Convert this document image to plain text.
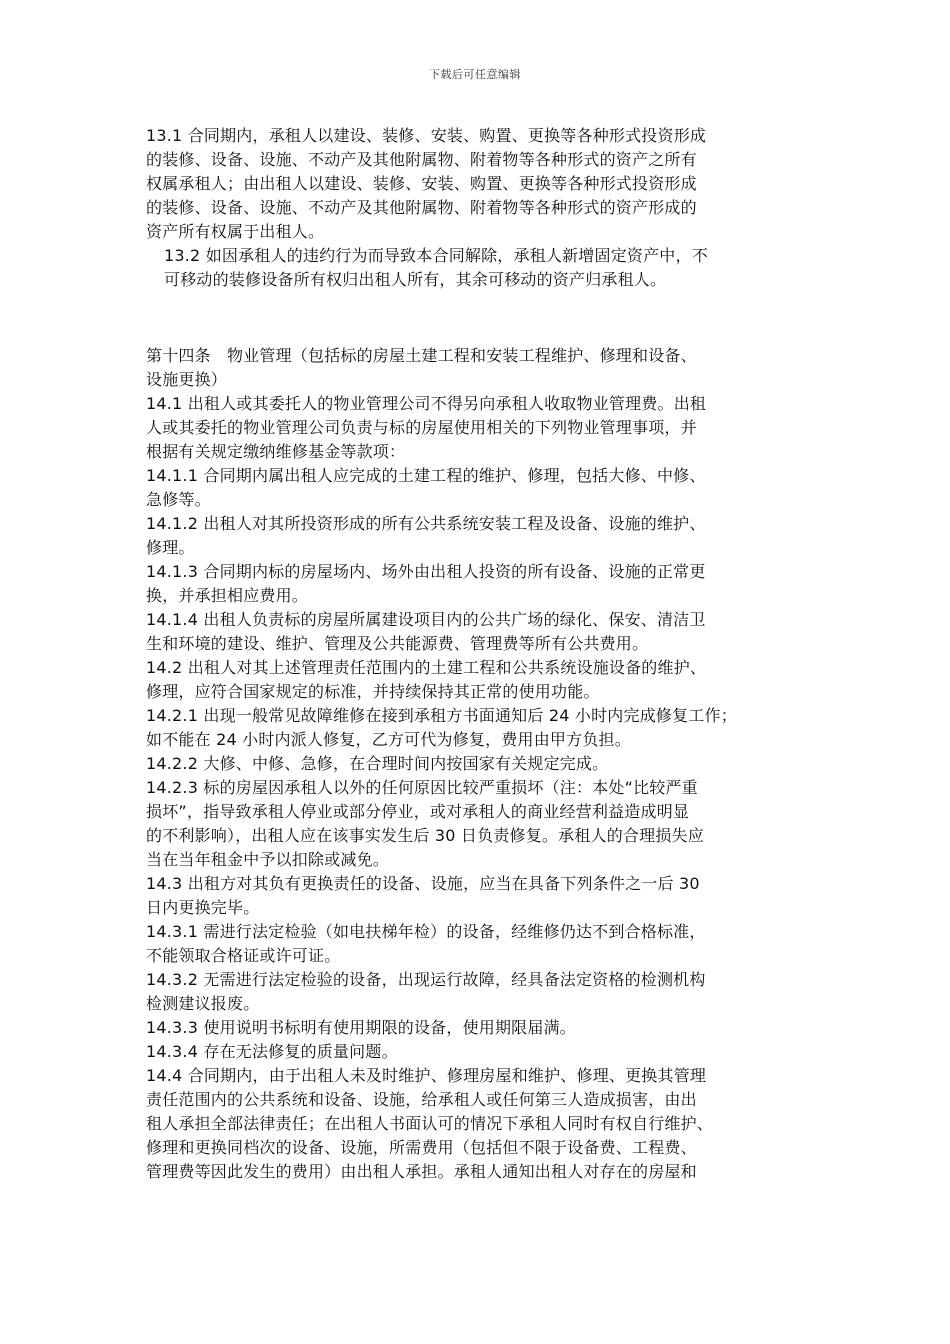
下载后可任意编辑
13.1 合同期内，承租人以建设、装修、安装、购置、更换等各种形式投资形成
的装修、设备、设施、不动产及其他附属物、附着物等各种形式的资产之所有
权属承租人；由出租人以建设、装修、安装、购置、更换等各种形式投资形成
的装修、设备、设施、不动产及其他附属物、附着物等各种形式的资产形成的
资产所有权属于出租人。
13.2 如因承租人的违约行为而导致本合同解除，承租人新增固定资产中，不
可移动的装修设备所有权归出租人所有，其余可移动的资产归承租人。
第十四条　物业管理（包括标的房屋土建工程和安装工程维护、修理和设备、
设施更换）
14.1 出租人或其委托人的物业管理公司不得另向承租人收取物业管理费。出租
人或其委托的物业管理公司负责与标的房屋使用相关的下列物业管理事项，并
根据有关规定缴纳维修基金等款项：
14.1.1 合同期内属出租人应完成的土建工程的维护、修理，包括大修、中修、
急修等。
14.1.2 出租人对其所投资形成的所有公共系统安装工程及设备、设施的维护、
修理。
14.1.3 合同期内标的房屋场内、场外由出租人投资的所有设备、设施的正常更
换，并承担相应费用。
14.1.4 出租人负责标的房屋所属建设项目内的公共广场的绿化、保安、清洁卫
生和环境的建设、维护、管理及公共能源费、管理费等所有公共费用。
14.2 出租人对其上述管理责任范围内的土建工程和公共系统设施设备的维护、
修理，应符合国家规定的标准，并持续保持其正常的使用功能。
14.2.1 出现一般常见故障维修在接到承租方书面通知后 24 小时内完成修复工作；
如不能在 24 小时内派人修复，乙方可代为修复，费用由甲方负担。
14.2.2 大修、中修、急修，在合理时间内按国家有关规定完成。
14.2.3 标的房屋因承租人以外的任何原因比较严重损坏（注：本处“比较严重
损坏”，指导致承租人停业或部分停业，或对承租人的商业经营利益造成明显
的不利影响），出租人应在该事实发生后 30 日负责修复。承租人的合理损失应
当在当年租金中予以扣除或减免。
14.3 出租方对其负有更换责任的设备、设施，应当在具备下列条件之一后 30
日内更换完毕。
14.3.1 需进行法定检验（如电扶梯年检）的设备，经维修仍达不到合格标准，
不能领取合格证或许可证。
14.3.2 无需进行法定检验的设备，出现运行故障，经具备法定资格的检测机构
检测建议报废。
14.3.3 使用说明书标明有使用期限的设备，使用期限届满。
14.3.4 存在无法修复的质量问题。
14.4 合同期内，由于出租人未及时维护、修理房屋和维护、修理、更换其管理
责任范围内的公共系统和设备、设施，给承租人或任何第三人造成损害，由出
租人承担全部法律责任；在出租人书面认可的情况下承租人同时有权自行维护、
修理和更换同档次的设备、设施，所需费用（包括但不限于设备费、工程费、
管理费等因此发生的费用）由出租人承担。承租人通知出租人对存在的房屋和
